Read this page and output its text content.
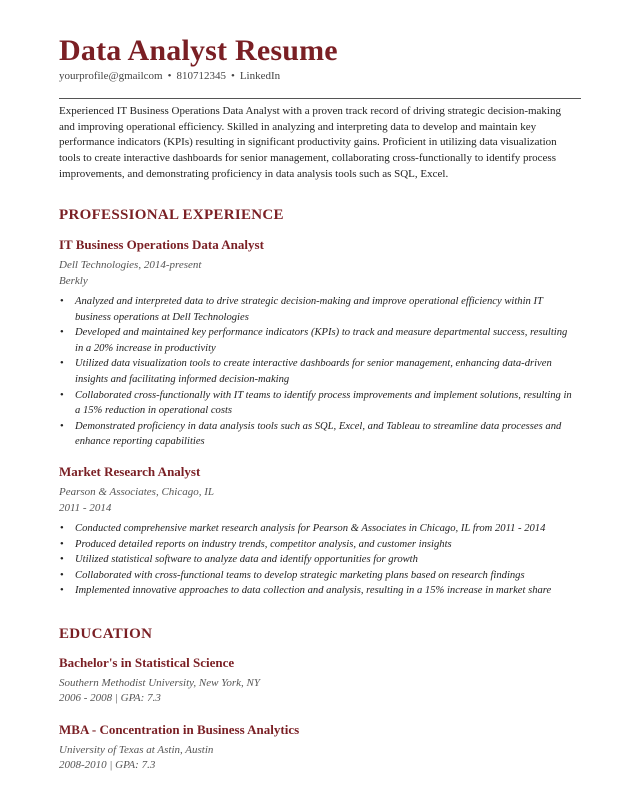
Data Analyst Resume
yourprofile@gmailcom • 810712345 • LinkedIn
Experienced IT Business Operations Data Analyst with a proven track record of driving strategic decision-making and improving operational efficiency. Skilled in analyzing and interpreting data to develop and maintain key performance indicators (KPIs) resulting in significant productivity gains. Proficient in utilizing data visualization tools to create interactive dashboards for senior management, collaborating cross-functionally to identify process improvements, and demonstrating proficiency in data analysis tools such as SQL, Excel.
PROFESSIONAL EXPERIENCE
IT Business Operations Data Analyst
Dell Technologies, 2014-present
Berkly
• Analyzed and interpreted data to drive strategic decision-making and improve operational efficiency within IT business operations at Dell Technologies
• Developed and maintained key performance indicators (KPIs) to track and measure departmental success, resulting in a 20% increase in productivity
• Utilized data visualization tools to create interactive dashboards for senior management, enhancing data-driven insights and facilitating informed decision-making
• Collaborated cross-functionally with IT teams to identify process improvements and implement solutions, resulting in a 15% reduction in operational costs
• Demonstrated proficiency in data analysis tools such as SQL, Excel, and Tableau to streamline data processes and enhance reporting capabilities
Market Research Analyst
Pearson & Associates, Chicago, IL
2011 - 2014
• Conducted comprehensive market research analysis for Pearson & Associates in Chicago, IL from 2011 - 2014
• Produced detailed reports on industry trends, competitor analysis, and customer insights
• Utilized statistical software to analyze data and identify opportunities for growth
• Collaborated with cross-functional teams to develop strategic marketing plans based on research findings
• Implemented innovative approaches to data collection and analysis, resulting in a 15% increase in market share
EDUCATION
Bachelor's in Statistical Science
Southern Methodist University, New York, NY
2006 - 2008 | GPA: 7.3
MBA - Concentration in Business Analytics
University of Texas at Astin, Austin
2008-2010 | GPA: 7.3
